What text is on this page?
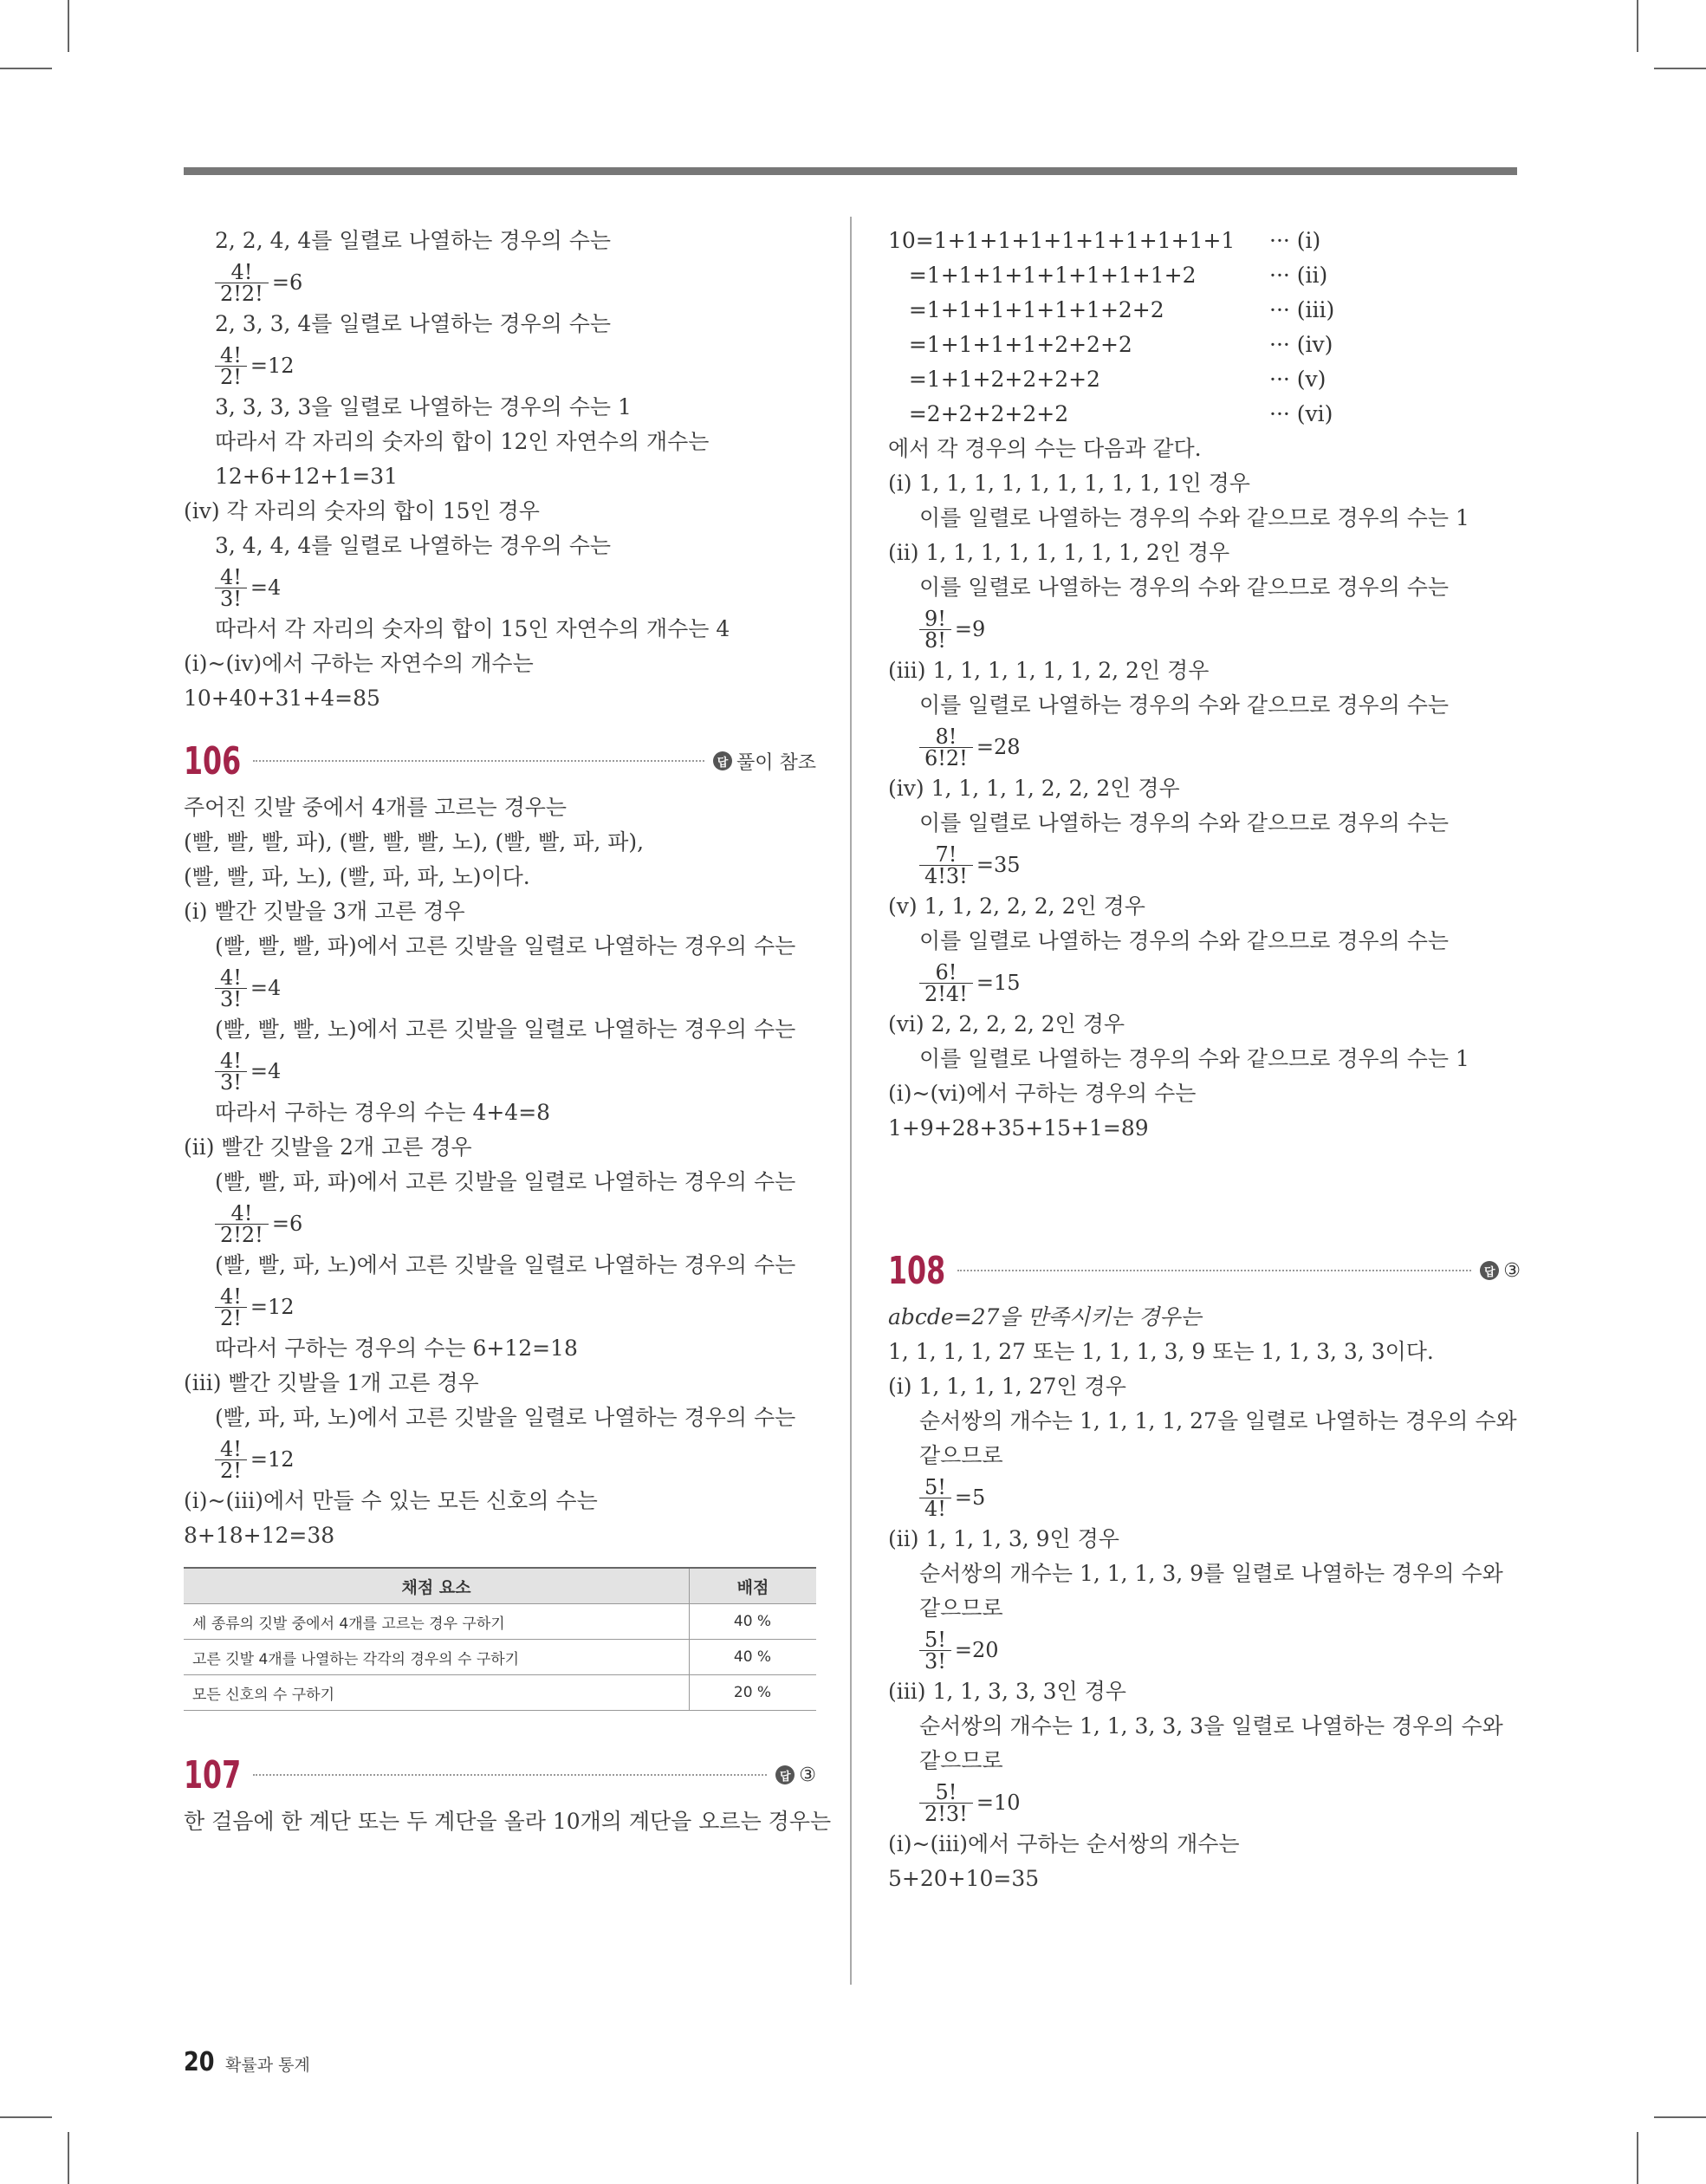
2, 2, 4, 4를 일렬로 나열하는 경우의 수는
$\frac{4!}{2!2!} =6$
2, 3, 3, 4를 일렬로 나열하는 경우의 수는
$\frac{4!}{2!} =12$
3, 3, 3, 3을 일렬로 나열하는 경우의 수는 1
따라서 각 자리의 숫자의 합이 12인 자연수의 개수는
12+6+12+1=31
(iv) 각 자리의 숫자의 합이 15인 경우
3, 4, 4, 4를 일렬로 나열하는 경우의 수는
$\frac{4!}{3!} =4$
따라서 각 자리의 숫자의 합이 15인 자연수의 개수는 4
(i)~(iv)에서 구하는 자연수의 개수는
10+40+31+4=85
106	답 풀이 참조
주어진 깃발 중에서 4개를 고르는 경우는
(빨, 빨, 빨, 파), (빨, 빨, 빨, 노), (빨, 빨, 파, 파),
(빨, 빨, 파, 노), (빨, 파, 파, 노)이다.
(i) 빨간 깃발을 3개 고른 경우
(빨, 빨, 빨, 파)에서 고른 깃발을 일렬로 나열하는 경우의 수는
$\frac{4!}{3!} =4$
(빨, 빨, 빨, 노)에서 고른 깃발을 일렬로 나열하는 경우의 수는
$\frac{4!}{3!} =4$
따라서 구하는 경우의 수는 4+4=8
(ii) 빨간 깃발을 2개 고른 경우
(빨, 빨, 파, 파)에서 고른 깃발을 일렬로 나열하는 경우의 수는
$\frac{4!}{2!2!} =6$
(빨, 빨, 파, 노)에서 고른 깃발을 일렬로 나열하는 경우의 수는
$\frac{4!}{2!} =12$
따라서 구하는 경우의 수는 6+12=18
(iii) 빨간 깃발을 1개 고른 경우
(빨, 파, 파, 노)에서 고른 깃발을 일렬로 나열하는 경우의 수는
$\frac{4!}{2!} =12$
(i)~(iii)에서 만들 수 있는 모든 신호의 수는
8+18+12=38
채점 요소	배점
세 종류의 깃발 중에서 4개를 고르는 경우 구하기	40 %
고른 깃발 4개를 나열하는 각각의 경우의 수 구하기	40 %
모든 신호의 수 구하기	20 %
107	답 ③
한 걸음에 한 계단 또는 두 계단을 올라 10개의 계단을 오르는 경우는
10=1+1+1+1+1+1+1+1+1+1	··· (i)
=1+1+1+1+1+1+1+1+2	··· (ii)
=1+1+1+1+1+1+2+2	··· (iii)
=1+1+1+1+2+2+2	··· (iv)
=1+1+2+2+2+2	··· (v)
=2+2+2+2+2	··· (vi)
에서 각 경우의 수는 다음과 같다.
(i) 1, 1, 1, 1, 1, 1, 1, 1, 1, 1인 경우
이를 일렬로 나열하는 경우의 수와 같으므로 경우의 수는 1
(ii) 1, 1, 1, 1, 1, 1, 1, 1, 2인 경우
이를 일렬로 나열하는 경우의 수와 같으므로 경우의 수는
$\frac{9!}{8!} =9$
(iii) 1, 1, 1, 1, 1, 1, 2, 2인 경우
이를 일렬로 나열하는 경우의 수와 같으므로 경우의 수는
$\frac{8!}{6!2!} =28$
(iv) 1, 1, 1, 1, 2, 2, 2인 경우
이를 일렬로 나열하는 경우의 수와 같으므로 경우의 수는
$\frac{7!}{4!3!} =35$
(v) 1, 1, 2, 2, 2, 2인 경우
이를 일렬로 나열하는 경우의 수와 같으므로 경우의 수는
$\frac{6!}{2!4!} =15$
(vi) 2, 2, 2, 2, 2인 경우
이를 일렬로 나열하는 경우의 수와 같으므로 경우의 수는 1
(i)~(vi)에서 구하는 경우의 수는
1+9+28+35+15+1=89
108	답 ③
abcde=27을 만족시키는 경우는
1, 1, 1, 1, 27 또는 1, 1, 1, 3, 9 또는 1, 1, 3, 3, 3이다.
(i) 1, 1, 1, 1, 27인 경우
순서쌍의 개수는 1, 1, 1, 1, 27을 일렬로 나열하는 경우의 수와
같으므로
$\frac{5!}{4!} =5$
(ii) 1, 1, 1, 3, 9인 경우
순서쌍의 개수는 1, 1, 1, 3, 9를 일렬로 나열하는 경우의 수와
같으므로
$\frac{5!}{3!} =20$
(iii) 1, 1, 3, 3, 3인 경우
순서쌍의 개수는 1, 1, 3, 3, 3을 일렬로 나열하는 경우의 수와
같으므로
$\frac{5!}{2!3!} =10$
(i)~(iii)에서 구하는 순서쌍의 개수는
5+20+10=35
20 확률과 통계
